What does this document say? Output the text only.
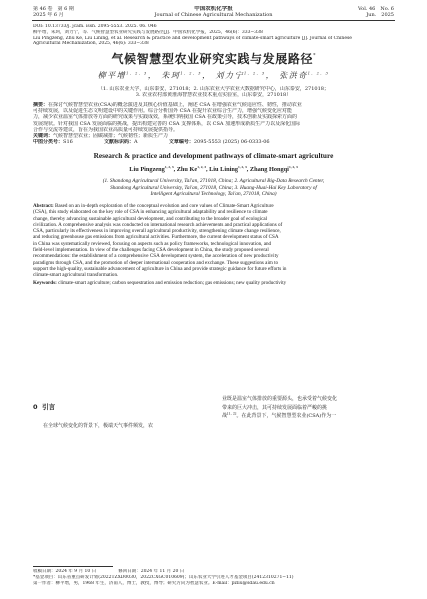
第 46 卷　第 6 期
2025 年 6 月
中国农机化学报
Journal of Chinese Agricultural Mechanization
Vol. 46　No. 6
Jun.　2025
DOI: 10.13733/j. jcam. issn. 2095-5553. 2025. 06. 046
柳平增，朱珂，刘力宁，等．气候智慧型农业研究实践与发展路径[J]．中国农机化学报，2025，46(6)：333−338
Liu Pingzeng, Zhu Ke, Liu Lining, et al. Research & practice and development pathways of climate-smart agriculture [J]. Journal of Chinese
Agricultural Mechanization, 2025, 46(6): 333−338
气候智慧型农业研究实践与发展路径*
柳平增$^{1, 2, 3}$， 朱珂$^{1, 2, 3}$， 刘力宁$^{1, 2, 3}$， 张洪奇$^{1, 2, 3}$
（1. 山东农业大学，山东泰安，271018；2. 山东农业大学农业大数据研究中心，山东泰安，271018；
3. 农业农村部黄淮海智慧农业技术重点实验室，山东泰安，271018）
摘要：在探讨气候智慧型农业(CSA)的概念演进及其核心价值基础上，阐述 CSA 在增强农业气候适应性、韧性，推动农业
可持续发展，以及促进生态文明建设中的关键作用。综合分析国外 CSA 在提升农业综合生产力，增强气候变化应对能
力，减少农业温室气体排放等方面的研究成果与实践成效，系统归纳我国 CSA 在政策引导，技术创新及实践探索方面的
发展现状。针对我国 CSA 发展面临的挑战，提出构建完善的 CSA 支撑体系，以 CSA 加速形成新质生产力以及深化国际
合作与交流等建议，旨在为我国农业高质量可持续发展提供指导。
关键词：气候智慧型农业；固碳减排；气候韧性；新质生产力
中图分类号：S16	文献标识码：A	文章编号：2095-5553 (2025) 06-0333-06
Research & practice and development pathways of climate-smart agriculture
Liu Pingzeng$^{1, 2, 3}$, Zhu Ke$^{1, 2, 3}$, Liu Lining$^{1, 2, 3}$, Zhang Hongqi$^{1, 2, 3}$
(1. Shandong Agricultural University, Tai'an, 271018, China; 2. Agricultural Big-Data Research Center,
Shandong Agricultural University, Tai'an, 271018, China; 3. Huang-Huai-Hai Key Laboratory of
Intelligent Agricultural Technology, Tai'an, 271018, China)
Abstract: Based on an in-depth exploration of the conceptual evolution and core values of Climate-Smart Agriculture
(CSA), this study elaborated on the key role of CSA in enhancing agricultural adaptability and resilience to climate
change, thereby advancing sustainable agricultural development, and contributing to the broader goal of ecological
civilization. A comprehensive analysis was conducted on international research achievements and practical applications of
CSA, particularly its effectiveness in improving overall agricultural productivity, strengthening climate change resilience,
and reducing greenhouse gas emissions from agricultural activities. Furthermore, the current development status of CSA
in China was systematically reviewed, focusing on aspects such as policy frameworks, technological innovation, and
field-level implementation. In view of the challenges facing CSA development in China, the study proposed several
recommendations: the establishment of a comprehensive CSA development system, the acceleration of new productivity
paradigms through CSA, and the promotion of deeper international cooperation and exchange. These suggestions aim to
support the high-quality, sustainable advancement of agriculture in China and provide strategic guidance for future efforts in
climate-smart agricultural transformation.
Keywords: climate-smart agriculture; carbon sequestration and emission reduction; gas emissions; new quality productivity
0 引言
在全球气候变化的背景下，极端天气事件频发，农
业既是温室气体排放的重要源头，也承受着气候变化
带来的巨大冲击，其可持续发展面临着严峻的挑
战[1, 2]。在此背景下，气候智慧型农业(CSA)作为一
收稿日期：2024 年 9 月 10 日	修回日期：2024 年 11 月 20 日
*基金项目：山东省重点研发计划(2022TZXD0030，2022CXGC010609)；山东农业大学引进人才基金项目(2412310271−11)
第一作者：柳平增，男，1968 年生，济南人，博士，教授，博导；研究方向为智慧农业。E-mail：pzliu@sdau.edu.cn
